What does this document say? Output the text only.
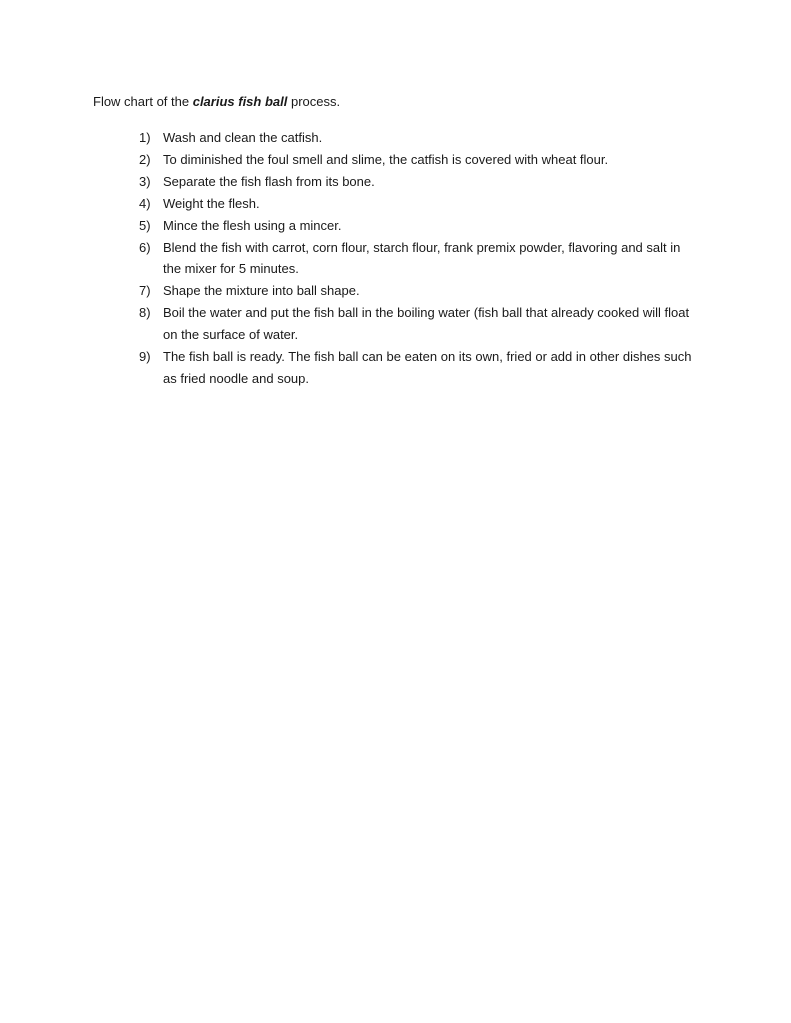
Flow chart of the clarius fish ball process.
1) Wash and clean the catfish.
2) To diminished the foul smell and slime, the catfish is covered with wheat flour.
3) Separate the fish flash from its bone.
4) Weight the flesh.
5) Mince the flesh using a mincer.
6) Blend the fish with carrot, corn flour, starch flour, frank premix powder, flavoring and salt in the mixer for 5 minutes.
7) Shape the mixture into ball shape.
8) Boil the water and put the fish ball in the boiling water (fish ball that already cooked will float on the surface of water.
9) The fish ball is ready. The fish ball can be eaten on its own, fried or add in other dishes such as fried noodle and soup.
